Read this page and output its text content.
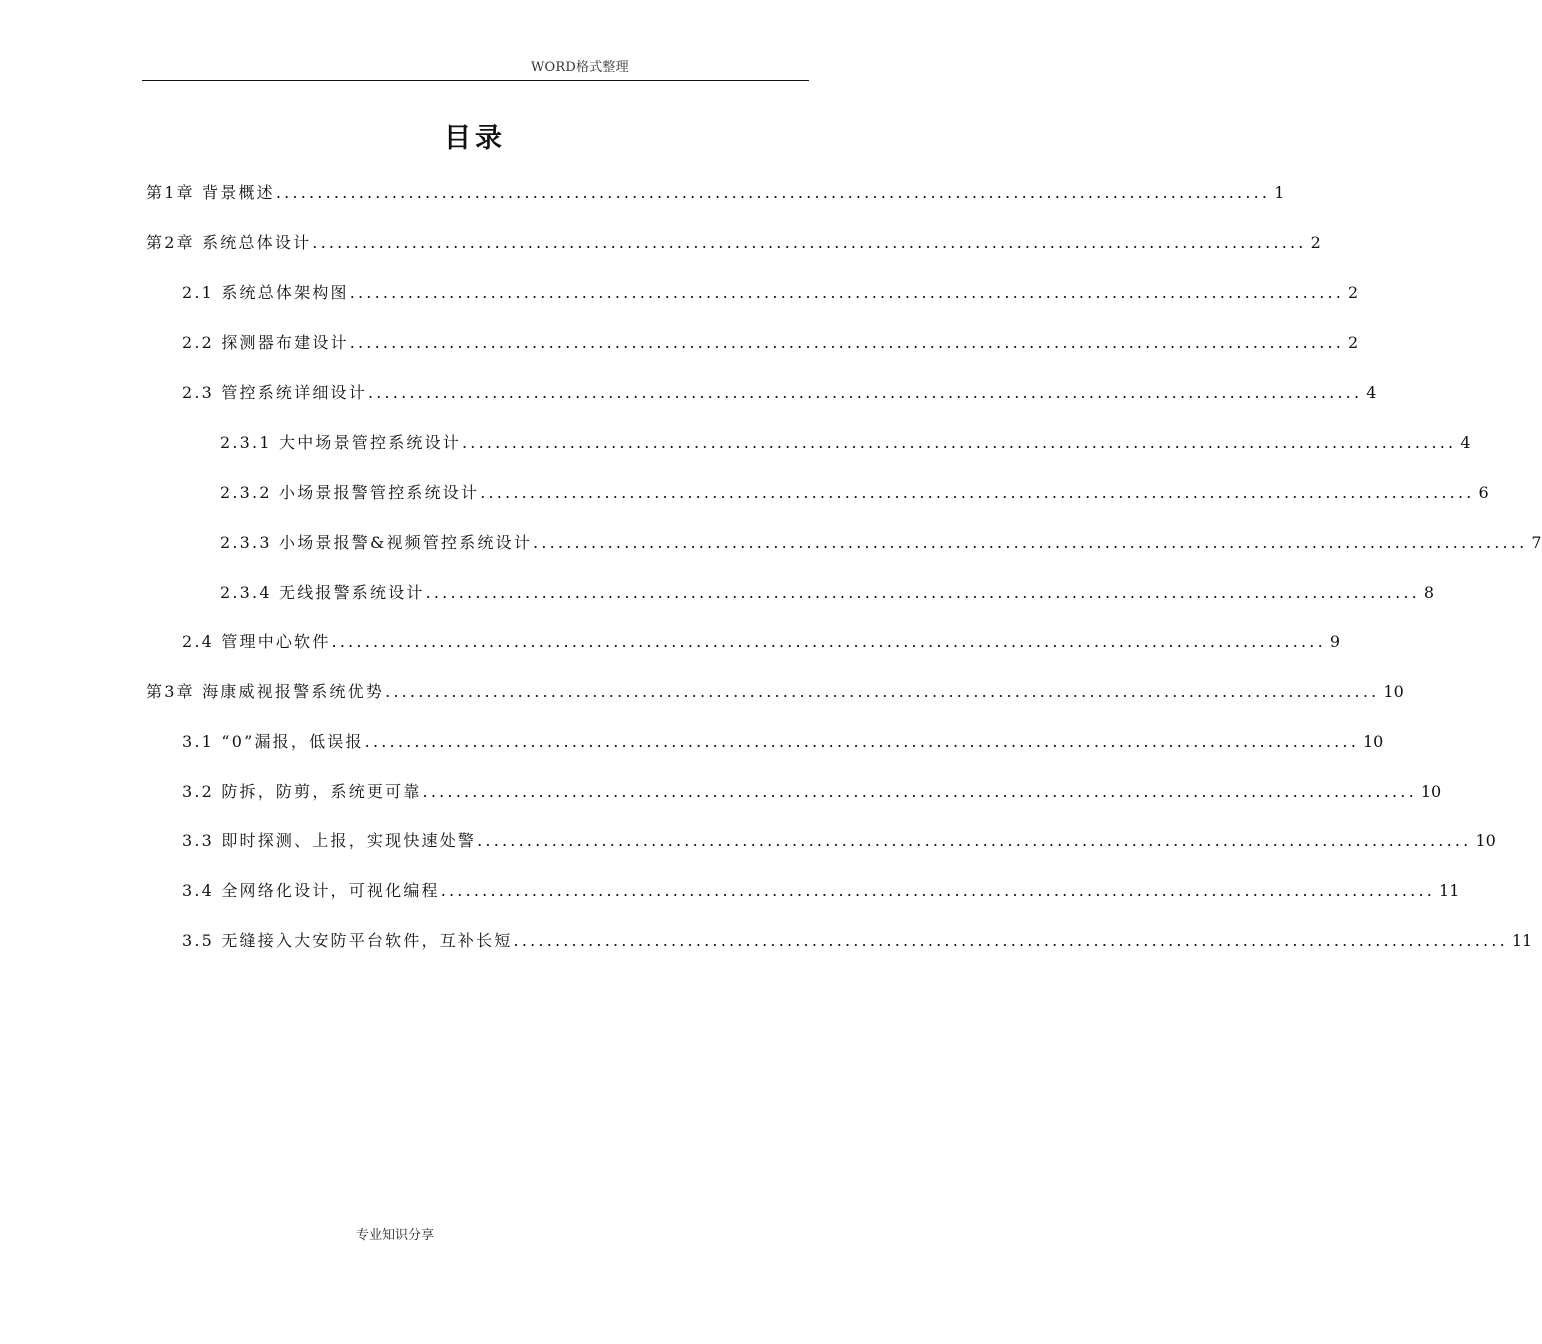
WORD格式整理
目录
第1章 背景概述 ........................................................................................................................ 1
第2章 系统总体设计 ........................................................................................................................ 2
2.1 系统总体架构图 ........................................................................................................................ 2
2.2 探测器布建设计 ........................................................................................................................ 2
2.3 管控系统详细设计 ........................................................................................................................ 4
2.3.1 大中场景管控系统设计 ........................................................................................................................ 4
2.3.2 小场景报警管控系统设计 ........................................................................................................................ 6
2.3.3 小场景报警&视频管控系统设计 ........................................................................................................................ 7
2.3.4 无线报警系统设计 ........................................................................................................................ 8
2.4 管理中心软件 ........................................................................................................................ 9
第3章 海康威视报警系统优势 ........................................................................................................................ 10
3.1 “0”漏报，低误报 ........................................................................................................................ 10
3.2 防拆，防剪，系统更可靠 ........................................................................................................................ 10
3.3 即时探测、上报，实现快速处警 ........................................................................................................................ 10
3.4 全网络化设计，可视化编程 ........................................................................................................................ 11
3.5 无缝接入大安防平台软件，互补长短 ........................................................................................................................ 11
专业知识分享
